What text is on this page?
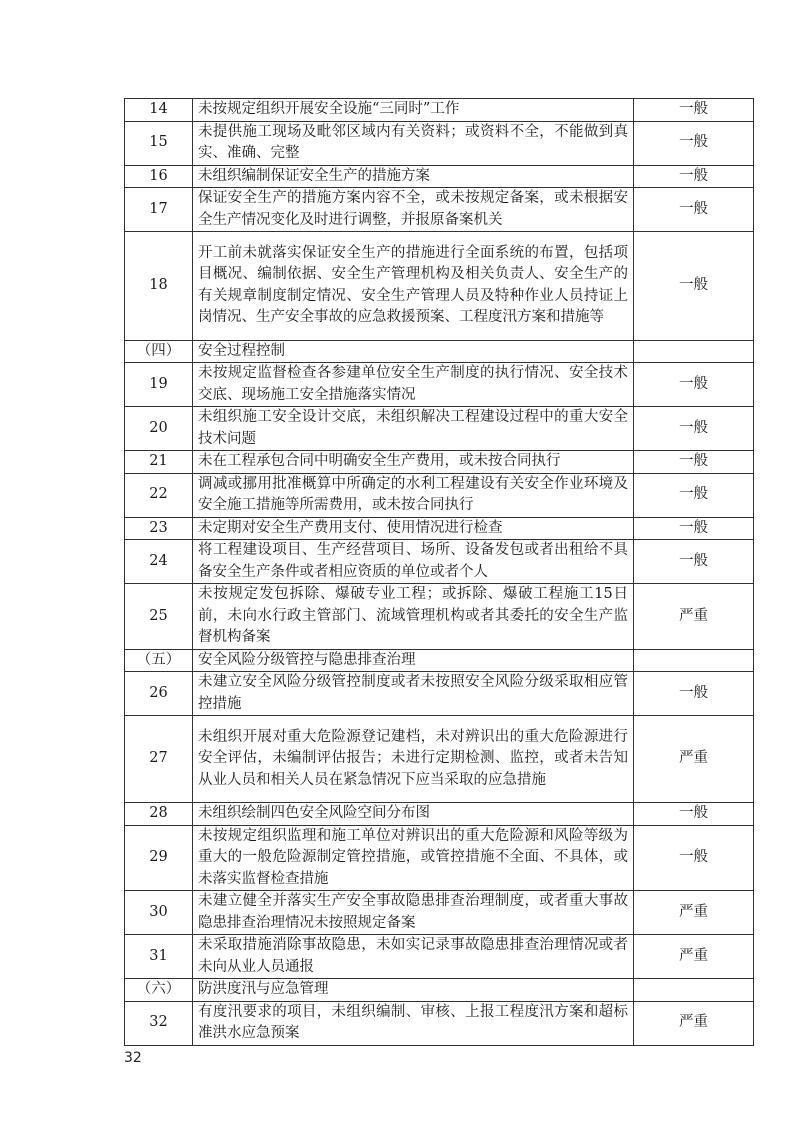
14	未按规定组织开展安全设施“三同时”工作	一般
15	未提供施工现场及毗邻区域内有关资料；或资料不全，不能做到真实、准确、完整	一般
16	未组织编制保证安全生产的措施方案	一般
17	保证安全生产的措施方案内容不全，或未按规定备案，或未根据安全生产情况变化及时进行调整，并报原备案机关	一般
18	开工前未就落实保证安全生产的措施进行全面系统的布置，包括项目概况、编制依据、安全生产管理机构及相关负责人、安全生产的有关规章制度制定情况、安全生产管理人员及特种作业人员持证上岗情况、生产安全事故的应急救援预案、工程度汛方案和措施等	一般
（四）	安全过程控制	
19	未按规定监督检查各参建单位安全生产制度的执行情况、安全技术交底、现场施工安全措施落实情况	一般
20	未组织施工安全设计交底，未组织解决工程建设过程中的重大安全技术问题	一般
21	未在工程承包合同中明确安全生产费用，或未按合同执行	一般
22	调减或挪用批准概算中所确定的水利工程建设有关安全作业环境及安全施工措施等所需费用，或未按合同执行	一般
23	未定期对安全生产费用支付、使用情况进行检查	一般
24	将工程建设项目、生产经营项目、场所、设备发包或者出租给不具备安全生产条件或者相应资质的单位或者个人	一般
25	未按规定发包拆除、爆破专业工程；或拆除、爆破工程施工15日前，未向水行政主管部门、流域管理机构或者其委托的安全生产监督机构备案	严重
（五）	安全风险分级管控与隐患排查治理	
26	未建立安全风险分级管控制度或者未按照安全风险分级采取相应管控措施	一般
27	未组织开展对重大危险源登记建档，未对辨识出的重大危险源进行安全评估，未编制评估报告；未进行定期检测、监控，或者未告知从业人员和相关人员在紧急情况下应当采取的应急措施	严重
28	未组织绘制四色安全风险空间分布图	一般
29	未按规定组织监理和施工单位对辨识出的重大危险源和风险等级为重大的一般危险源制定管控措施，或管控措施不全面、不具体，或未落实监督检查措施	一般
30	未建立健全并落实生产安全事故隐患排查治理制度，或者重大事故隐患排查治理情况未按照规定备案	严重
31	未采取措施消除事故隐患，未如实记录事故隐患排查治理情况或者未向从业人员通报	严重
（六）	防洪度汛与应急管理	
32	有度汛要求的项目，未组织编制、审核、上报工程度汛方案和超标准洪水应急预案	严重
32
